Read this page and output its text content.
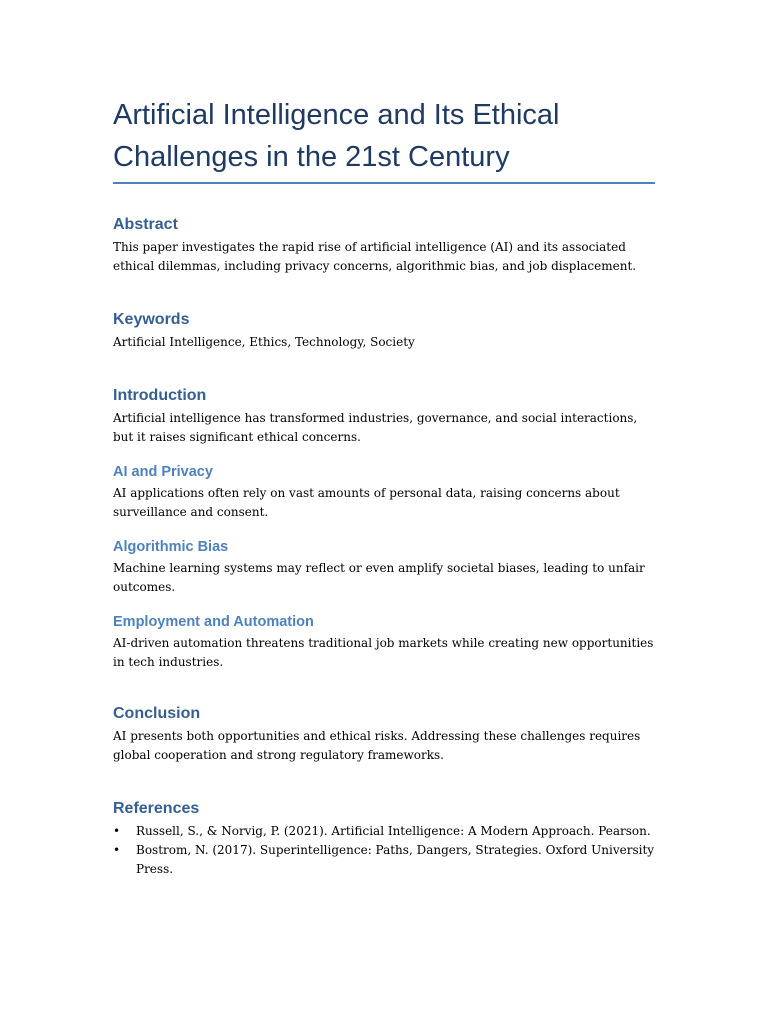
Artificial Intelligence and Its Ethical Challenges in the 21st Century
Abstract

This paper investigates the rapid rise of artificial intelligence (AI) and its associated ethical dilemmas, including privacy concerns, algorithmic bias, and job displacement.

Keywords

Artificial Intelligence, Ethics, Technology, Society

Introduction

Artificial intelligence has transformed industries, governance, and social interactions, but it raises significant ethical concerns.

AI and Privacy

AI applications often rely on vast amounts of personal data, raising concerns about surveillance and consent.

Algorithmic Bias

Machine learning systems may reflect or even amplify societal biases, leading to unfair outcomes.

Employment and Automation

AI-driven automation threatens traditional job markets while creating new opportunities in tech industries.

Conclusion

AI presents both opportunities and ethical risks. Addressing these challenges requires global cooperation and strong regulatory frameworks.

References
• Russell, S., & Norvig, P. (2021). Artificial Intelligence: A Modern Approach. Pearson.
• Bostrom, N. (2017). Superintelligence: Paths, Dangers, Strategies. Oxford University Press.
